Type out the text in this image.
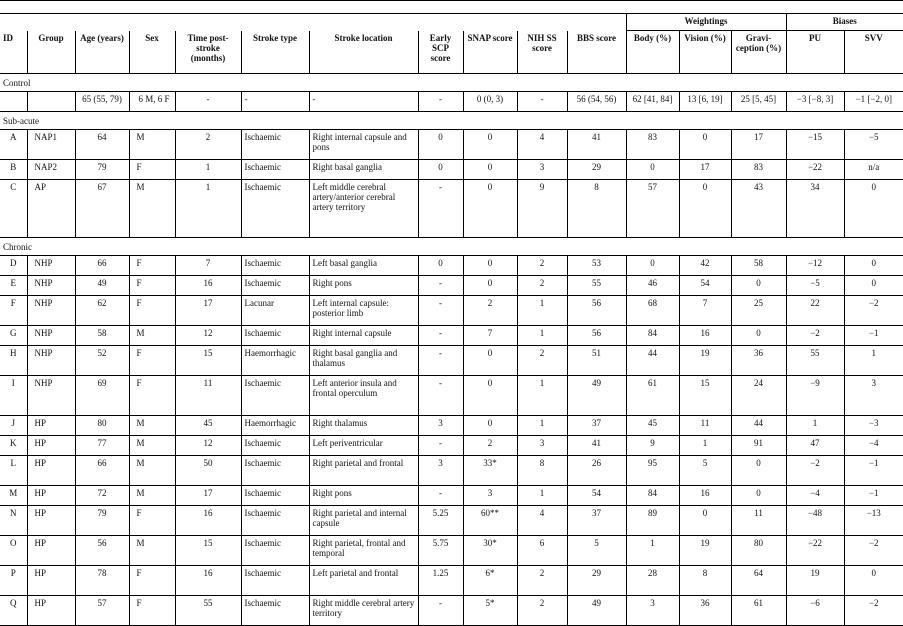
											Weightings			Biases	
ID	Group	Age (years)	Sex	Time post-stroke (months)	Stroke type	Stroke location	Early SCP score	SNAP score	NIH SS score	BBS score	Body (%)	Vision (%)	Gravi-ception (%)	PU	SVV
Control															
		65 (55, 79)	6 M, 6 F	-	-	-	-	0 (0, 3)	-	56 (54, 56)	62 [41, 84]	13 [6, 19]	25 [5, 45]	−3 [−8, 3]	−1 [−2, 0]
Sub-acute															
A	NAP1	64	M	2	Ischaemic	Right internal capsule and pons	0	0	4	41	83	0	17	−15	−5
B	NAP2	79	F	1	Ischaemic	Right basal ganglia	0	0	3	29	0	17	83	−22	n/a
C	AP	67	M	1	Ischaemic	Left middle cerebral artery/anterior cerebral artery territory	-	0	9	8	57	0	43	34	0
Chronic															
D	NHP	66	F	7	Ischaemic	Left basal ganglia	0	0	2	53	0	42	58	−12	0
E	NHP	49	F	16	Ischaemic	Right pons	-	0	2	55	46	54	0	−5	0
F	NHP	62	F	17	Lacunar	Left internal capsule: posterior limb	-	2	1	56	68	7	25	22	−2
G	NHP	58	M	12	Ischaemic	Right internal capsule	-	7	1	56	84	16	0	−2	−1
H	NHP	52	F	15	Haemorrhagic	Right basal ganglia and thalamus	-	0	2	51	44	19	36	55	1
I	NHP	69	F	11	Ischaemic	Left anterior insula and frontal operculum	-	0	1	49	61	15	24	−9	3
J	HP	80	M	45	Haemorrhagic	Right thalamus	3	0	1	37	45	11	44	1	−3
K	HP	77	M	12	Ischaemic	Left periventricular	-	2	3	41	9	1	91	47	−4
L	HP	66	M	50	Ischaemic	Right parietal and frontal	3	33*	8	26	95	5	0	−2	−1
M	HP	72	M	17	Ischaemic	Right pons	-	3	1	54	84	16	0	−4	−1
N	HP	79	F	16	Ischaemic	Right parietal and internal capsule	5.25	60**	4	37	89	0	11	−48	−13
O	HP	56	M	15	Ischaemic	Right parietal, frontal and temporal	5.75	30*	6	5	1	19	80	−22	−2
P	HP	78	F	16	Ischaemic	Left parietal and frontal	1.25	6*	2	29	28	8	64	19	0
Q	HP	57	F	55	Ischaemic	Right middle cerebral artery territory	-	5*	2	49	3	36	61	−6	−2
